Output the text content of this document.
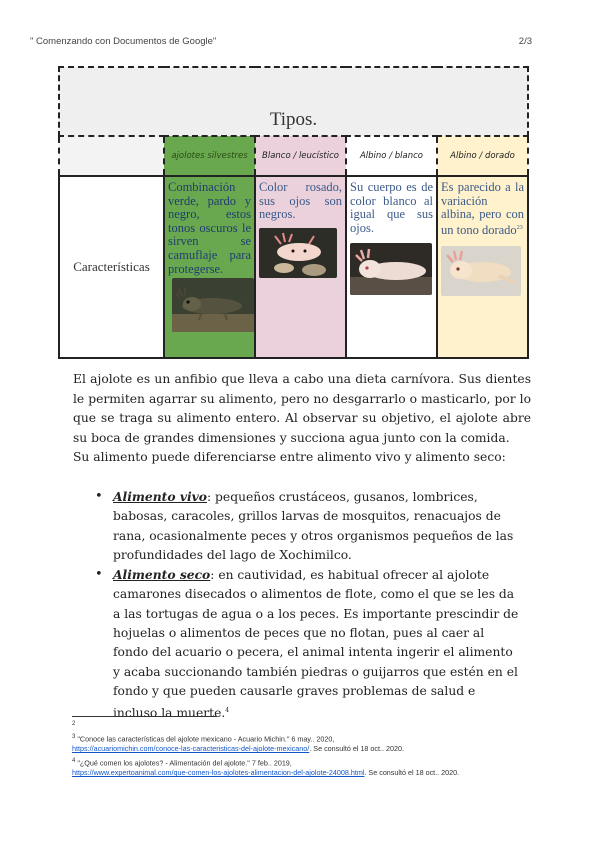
" Comenzando con Documentos de Google"	2/3
Tipos.				
	ajolotes silvestres	Blanco / leucístico	Albino / blanco	Albino / dorado
Características	Combinación verde, pardo y negro, estos tonos oscuros le sirven se camuflaje para protegerse.	Color rosado, sus ojos son negros.	Su cuerpo es de color blanco al igual que sus ojos.	Es parecido a la variación albina, pero con un tono dorado$^{23}$

El ajolote es un anfibio que lleva a cabo una dieta carnívora. Sus dientes le permiten agarrar su alimento, pero no desgarrarlo o masticarlo, por lo que se traga su alimento entero. Al observar su objetivo, el ajolote abre su boca de grandes dimensiones y succiona agua junto con la comida.

Su alimento puede diferenciarse entre alimento vivo y alimento seco:

• Alimento vivo: pequeños crustáceos, gusanos, lombrices, babosas, caracoles, grillos larvas de mosquitos, renacuajos de rana, ocasionalmente peces y otros organismos pequeños de las profundidades del lago de Xochimilco.
• Alimento seco: en cautividad, es habitual ofrecer al ajolote camarones disecados o alimentos de flote, como el que se les da a las tortugas de agua o a los peces. Es importante prescindir de hojuelas o alimentos de peces que no flotan, pues al caer al fondo del acuario o pecera, el animal intenta ingerir el alimento y acaba succionando también piedras o guijarros que estén en el fondo y que pueden causarle graves problemas de salud e incluso la muerte.$^4$
$^2$
$^3$ "Conoce las características del ajolote mexicano - Acuario Michin." 6 may.. 2020,
https://acuariomichin.com/conoce-las-caracteristicas-del-ajolote-mexicano/. Se consultó el 18 oct.. 2020.
$^4$ "¿Qué comen los ajolotes? - Alimentación del ajolote." 7 feb.. 2019,
https://www.expertoanimal.com/que-comen-los-ajolotes-alimentacion-del-ajolote-24008.html. Se consultó el 18 oct.. 2020.
